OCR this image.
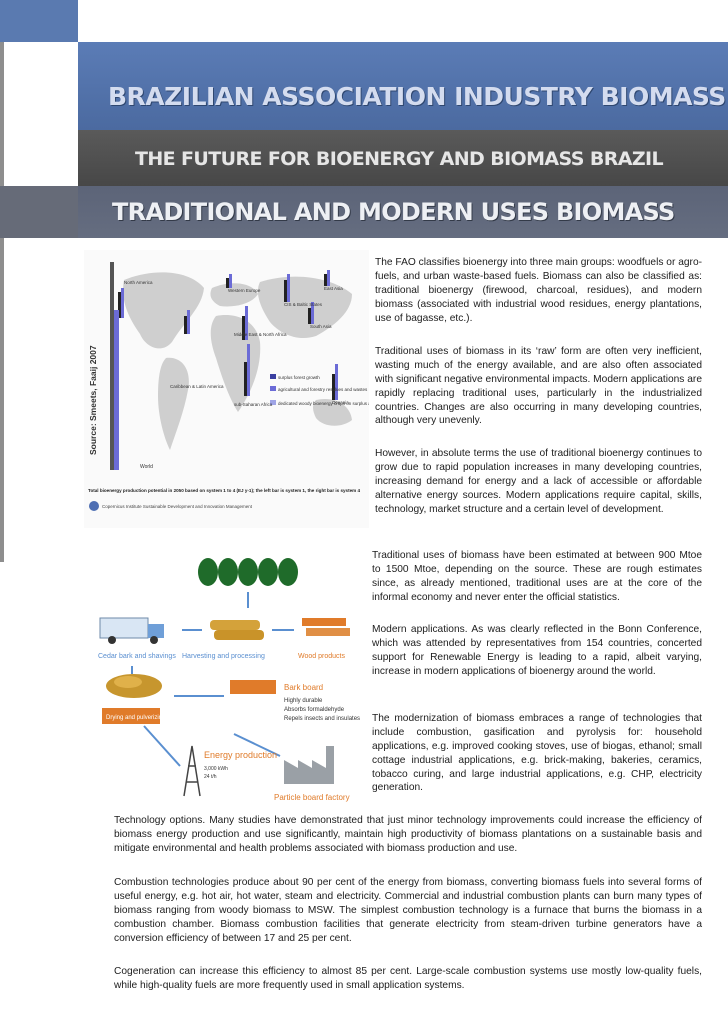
BRAZILIAN ASSOCIATION INDUSTRY BIOMASS
THE FUTURE FOR BIOENERGY AND BIOMASS BRAZIL
TRADITIONAL AND MODERN USES BIOMASS
Source: Smeets, Faaij 2007	surplus forest growth
agricultural and forestry residues and wastes
dedicated woody bioenergy crops on surplus
North America
World
Caribbean & Latin America
sub-Saharan Africa
Middle East & North Africa
Western Europe
CIS & Baltic States
East Asia
South Asia
Oceania
Total bioenergy production potential in 2050 based on system 1 to 4 (EJ y-1); the left bar is system 1, the right bar is system 4
Copernicus Institute Sustainable Development and Innovation Management
Cedar bark and shavings Harvesting and processing	Wood products
Bark board
Highly durable
Absorbs formaldehyde
Repels insects and insulates
Drying and pulverizing
Energy production
3,000 kWh
24 t/h
Particle board factory

The FAO classifies bioenergy into three main groups: woodfuels or agro-fuels, and urban waste-based fuels. Biomass can also be classified as: traditional bioenergy (firewood, charcoal, residues), and modern biomass (associated with industrial wood residues, energy plantations, use of bagasse, etc.).

Traditional uses of biomass in its ‘raw’ form are often very inefficient, wasting much of the energy available, and are also often associated with significant negative environmental impacts. Modern applications are rapidly replacing traditional uses, particularly in the industrialized countries. Changes are also occurring in many developing countries, although very unevenly.

However, in absolute terms the use of traditional bioenergy continues to grow due to rapid population increases in many developing countries, increasing demand for energy and a lack of accessible or affordable alternative energy sources. Modern applications require capital, skills, technology, market structure and a certain level of development.

Traditional uses of biomass have been estimated at between 900 Mtoe to 1500 Mtoe, depending on the source. These are rough estimates since, as already mentioned, traditional uses are at the core of the informal economy and never enter the official statistics.

Modern applications. As was clearly reflected in the Bonn Conference, which was attended by representatives from 154 countries, concerted support for Renewable Energy is leading to a rapid, albeit varying, increase in modern applications of bioenergy around the world.

The modernization of biomass embraces a range of technologies that include combustion, gasification and pyrolysis for: household applications, e.g. improved cooking stoves, use of biogas, ethanol; small cottage industrial applications, e.g. brick-making, bakeries, ceramics, tobacco curing, and large industrial applications, e.g. CHP, electricity generation.

Technology options. Many studies have demonstrated that just minor technology improvements could increase the efficiency of biomass energy production and use significantly, maintain high productivity of biomass plantations on a sustainable basis and mitigate environmental and health problems associated with biomass production and use.

Combustion technologies produce about 90 per cent of the energy from biomass, converting biomass fuels into several forms of useful energy, e.g. hot air, hot water, steam and electricity. Commercial and industrial combustion plants can burn many types of biomass ranging from woody biomass to MSW. The simplest combustion technology is a furnace that burns the biomass in a combustion chamber. Biomass combustion facilities that generate electricity from steam-driven turbine generators have a conversion efficiency of between 17 and 25 per cent.

Cogeneration can increase this efficiency to almost 85 per cent. Large-scale combustion systems use mostly low-quality fuels, while high-quality fuels are more frequently used in small application systems.
